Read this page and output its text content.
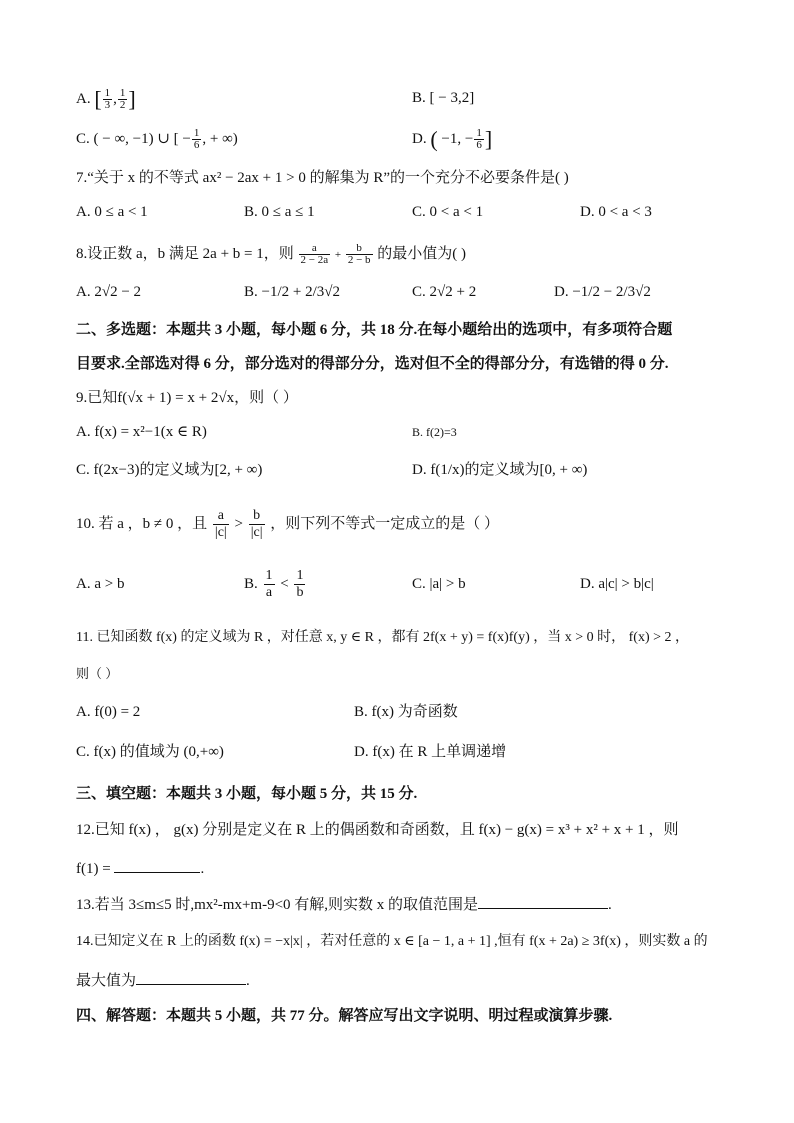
A. [ $\frac{1}{3}$ , $\frac{1}{2}$ ]	B. [ − 3,2]
C. ( − ∞, −1) ∪ [ − $\frac{1}{6}$ , + ∞)	D. ( −1, − $\frac{1}{6}$ ]
7.“关于 x 的不等式 ax² − 2ax + 1 > 0 的解集为 R”的一个充分不必要条件是( )
A. 0 ≤ a < 1	B. 0 ≤ a ≤ 1	C. 0 < a < 1	D. 0 < a < 3
8.设正数 a，b 满足 2a + b = 1，则 $\frac{a}{2 - 2a} + \frac{b}{2 - b}$ 的最小值为( )
A. 2√2 − 2	B. −1/2 + 2/3√2	C. 2√2 + 2	D. −1/2 − 2/3√2
二、多选题：本题共 3 小题，每小题 6 分，共 18 分.在每小题给出的选项中，有多项符合题
目要求.全部选对得 6 分，部分选对的得部分分，选对但不全的得部分分，有选错的得 0 分.
9.已知f(√x + 1) = x + 2√x，则（ ）
A. f(x) = x²−1(x ∈ R)	B. f(2)=3
C. f(2x−3)的定义域为[2, + ∞)	D. f(1/x)的定义域为[0, + ∞)
10. 若 a ，b ≠ 0 ，且 $\frac{a}{|c|} > \frac{b}{|c|}$ ，则下列不等式一定成立的是（ ）
A. a > b	B. $\frac{1}{a} < \frac{1}{b}$	C. |a| > b	D. a|c| > b|c|
11. 已知函数 f(x) 的定义域为 R ，对任意 x, y ∈ R ，都有 2f(x + y) = f(x)f(y) ，当 x > 0 时， f(x) > 2 ，
则（ ）
A. f(0) = 2	B. f(x) 为奇函数
C. f(x) 的值域为 (0,+∞)	D. f(x) 在 R 上单调递增
三、填空题：本题共 3 小题，每小题 5 分，共 15 分.
12.已知 f(x) ， g(x) 分别是定义在 R 上的偶函数和奇函数，且 f(x) − g(x) = x³ + x² + x + 1 ，则
f(1) =	.
13.若当 3≤m≤5 时,mx²-mx+m-9<0 有解,则实数 x 的取值范围是	.
14.已知定义在 R 上的函数 f(x) = −x|x| ，若对任意的 x ∈ [a − 1, a + 1] ,恒有 f(x + 2a) ≥ 3f(x) ，则实数 a 的
最大值为	.
四、解答题：本题共 5 小题，共 77 分。解答应写出文字说明、明过程或演算步骤.
